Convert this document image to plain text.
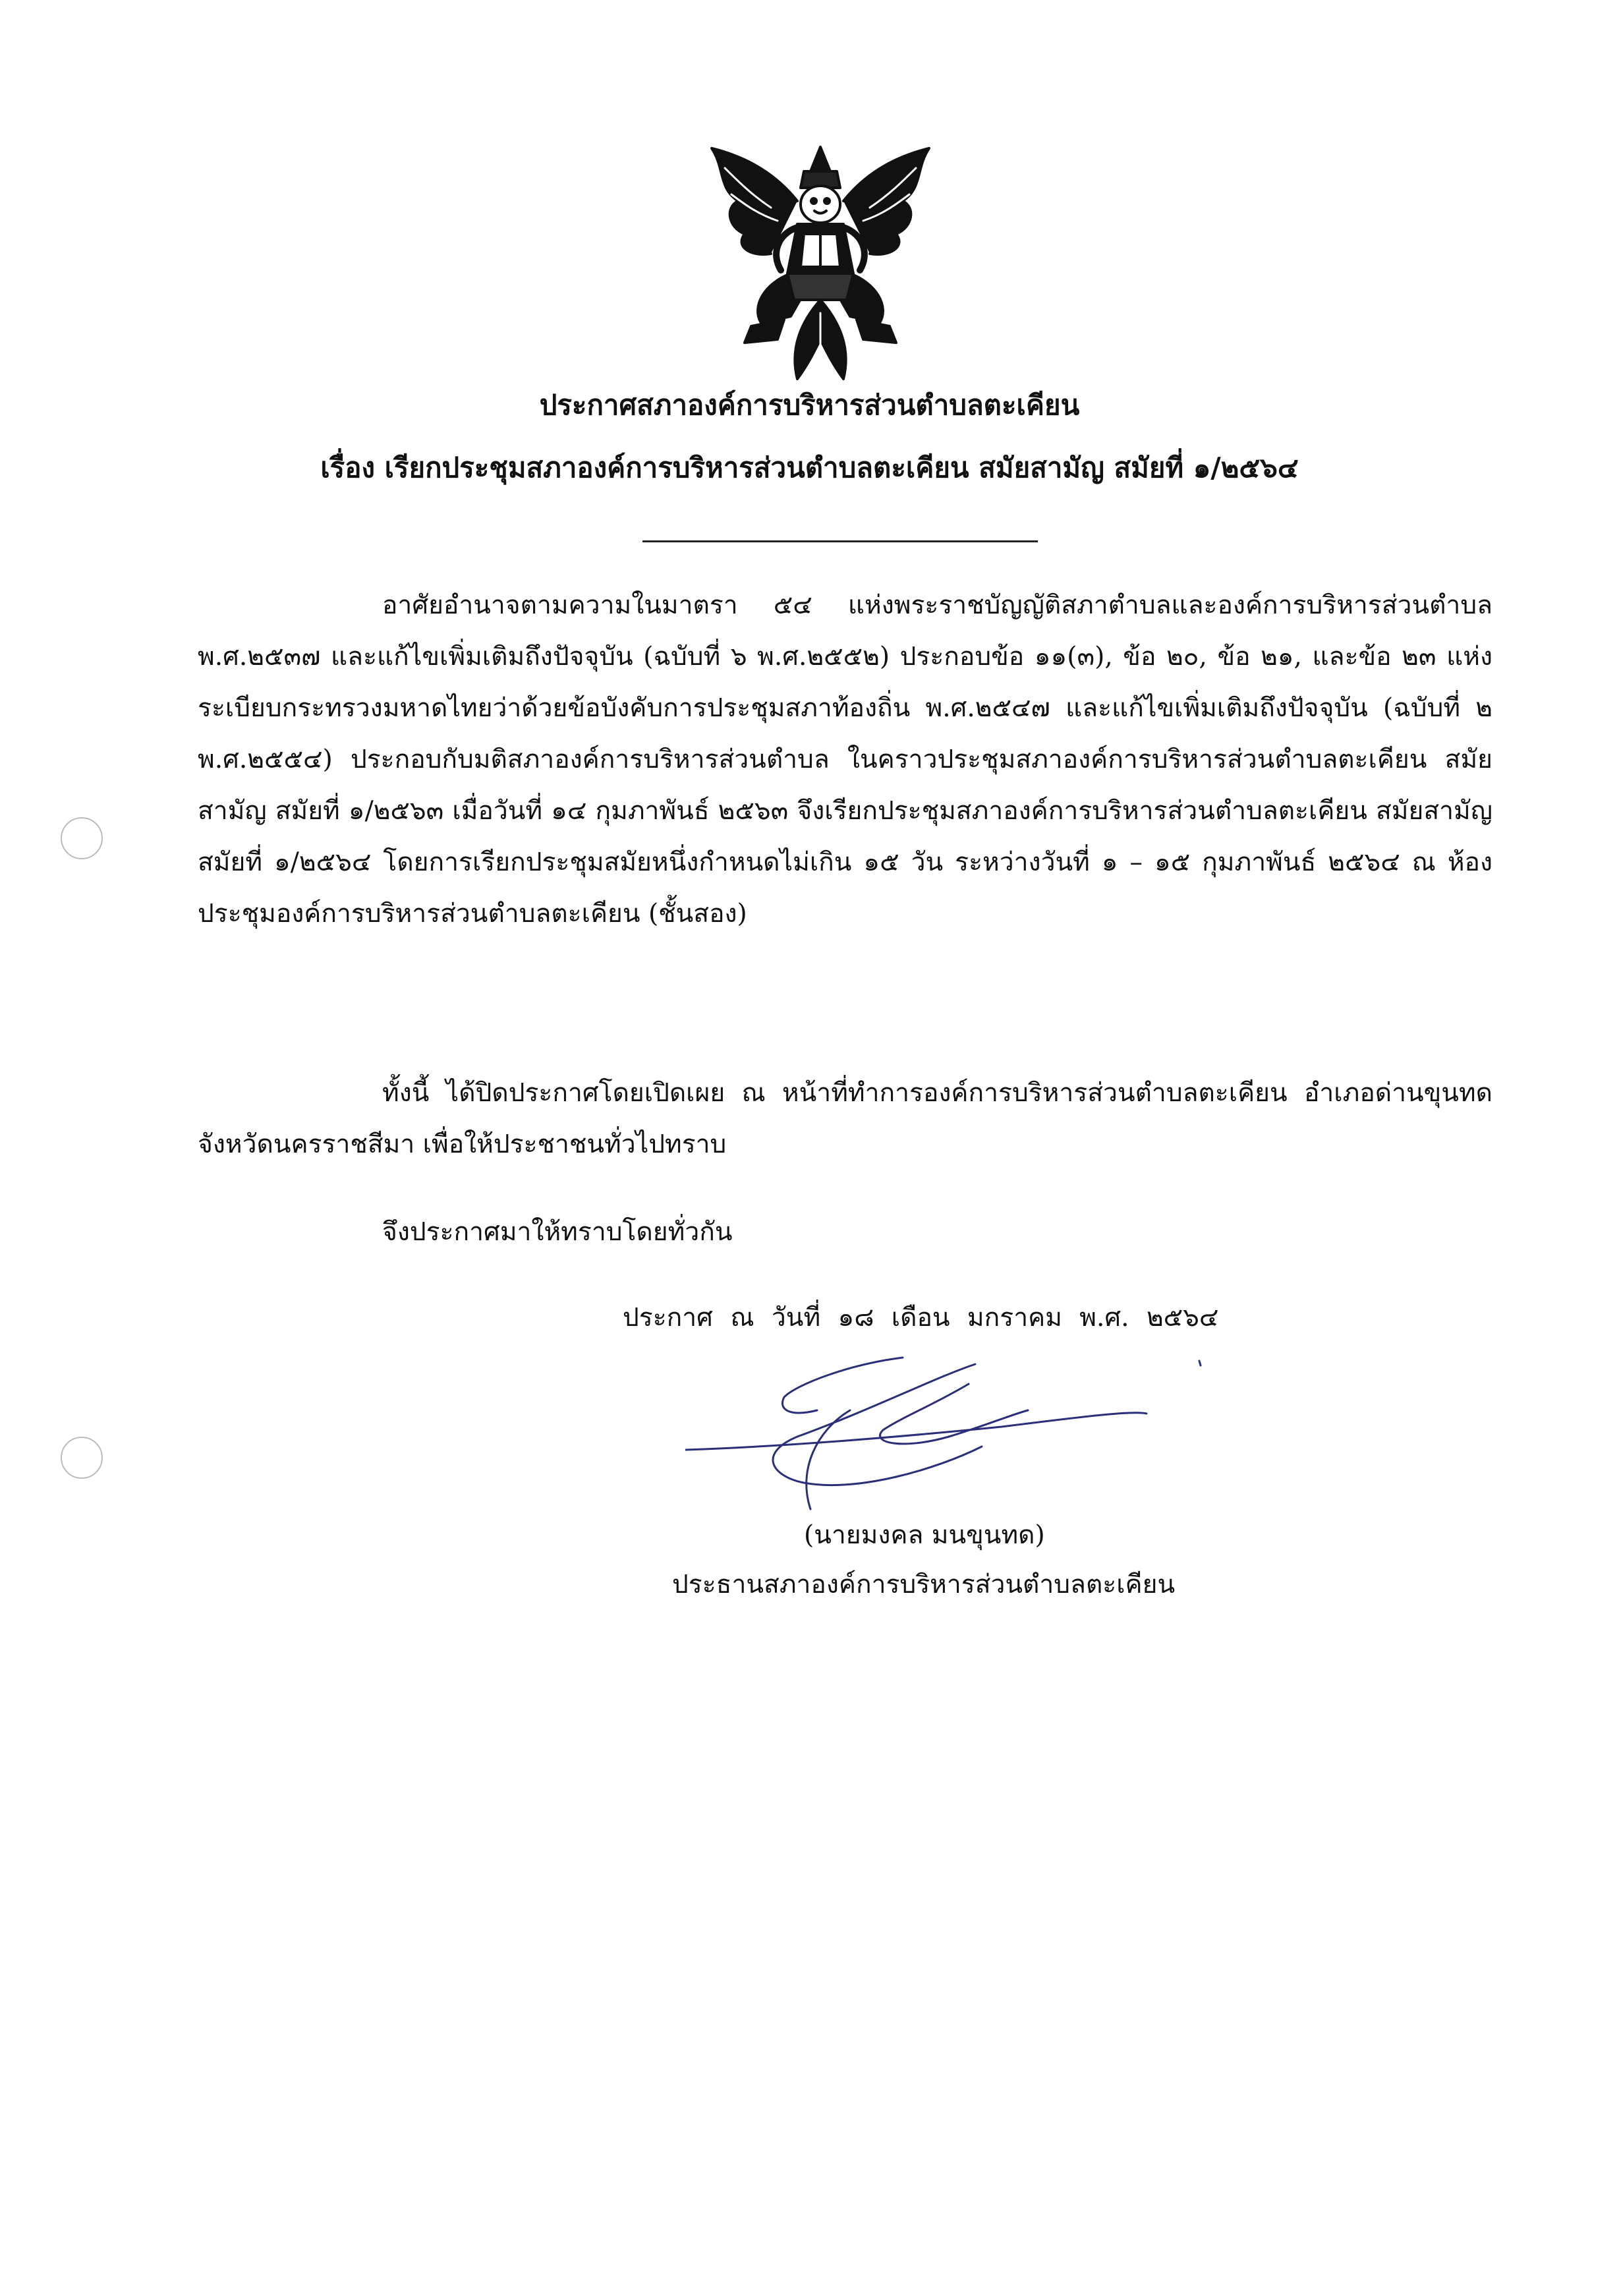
ประกาศสภาองค์การบริหารส่วนตำบลตะเคียน
เรื่อง เรียกประชุมสภาองค์การบริหารส่วนตำบลตะเคียน สมัยสามัญ สมัยที่ ๑/๒๕๖๔

อาศัยอำนาจตามความในมาตรา ๕๔ แห่งพระราชบัญญัติสภาตำบลและองค์การบริหารส่วนตำบล พ.ศ.๒๕๓๗ และแก้ไขเพิ่มเติมถึงปัจจุบัน (ฉบับที่ ๖ พ.ศ.๒๕๕๒) ประกอบข้อ ๑๑(๓), ข้อ ๒๐, ข้อ ๒๑, และข้อ ๒๓ แห่งระเบียบกระทรวงมหาดไทยว่าด้วยข้อบังคับการประชุมสภาท้องถิ่น พ.ศ.๒๕๔๗ และแก้ไขเพิ่มเติมถึงปัจจุบัน (ฉบับที่ ๒ พ.ศ.๒๕๕๔) ประกอบกับมติสภาองค์การบริหารส่วนตำบล ในคราวประชุมสภาองค์การบริหารส่วนตำบลตะเคียน สมัยสามัญ สมัยที่ ๑/๒๕๖๓ เมื่อวันที่ ๑๔ กุมภาพันธ์ ๒๕๖๓ จึงเรียกประชุมสภาองค์การบริหารส่วนตำบลตะเคียน สมัยสามัญ สมัยที่ ๑/๒๕๖๔ โดยการเรียกประชุมสมัยหนึ่งกำหนดไม่เกิน ๑๕ วัน ระหว่างวันที่ ๑ – ๑๕ กุมภาพันธ์ ๒๕๖๔ ณ ห้องประชุมองค์การบริหารส่วนตำบลตะเคียน (ชั้นสอง)

ทั้งนี้ ได้ปิดประกาศโดยเปิดเผย ณ หน้าที่ทำการองค์การบริหารส่วนตำบลตะเคียน อำเภอด่านขุนทด จังหวัดนครราชสีมา เพื่อให้ประชาชนทั่วไปทราบ

จึงประกาศมาให้ทราบโดยทั่วกัน
ประกาศ ณ วันที่ ๑๘ เดือน มกราคม พ.ศ. ๒๕๖๔
(นายมงคล มนขุนทด)
ประธานสภาองค์การบริหารส่วนตำบลตะเคียน
